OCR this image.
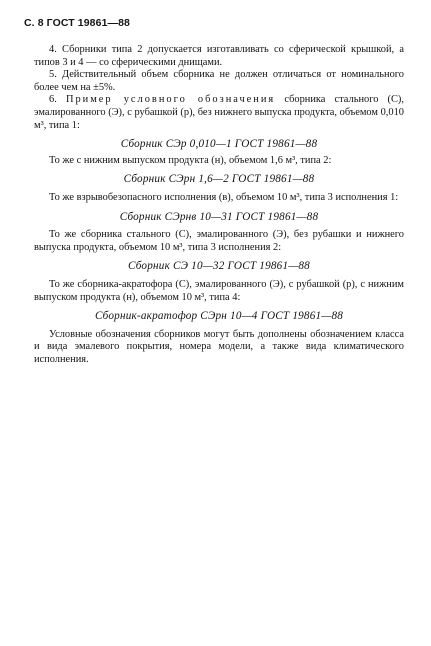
С. 8 ГОСТ 19861—88

4. Сборники типа 2 допускается изготавливать со сферической крышкой, а типов 3 и 4 — со сферическими днищами.

5. Действительный объем сборника не должен отличаться от номинального более чем на ±5%.

6. Пример условного обозначения сборника стального (С), эмалированного (Э), с рубашкой (р), без нижнего выпуска продукта, объемом 0,010 м³, типа 1:

Сборник СЭр 0,010—1 ГОСТ 19861—88

То же с нижним выпуском продукта (н), объемом 1,6 м³, типа 2:

Сборник СЭрн 1,6—2 ГОСТ 19861—88

То же взрывобезопасного исполнения (в), объемом 10 м³, типа 3 исполнения 1:

Сборник СЭрнв 10—31 ГОСТ 19861—88

То же сборника стального (С), эмалированного (Э), без рубашки и нижнего выпуска продукта, объемом 10 м³, типа 3 исполнения 2:

Сборник СЭ 10—32 ГОСТ 19861—88

То же сборника-акратофора (С), эмалированного (Э), с рубашкой (р), с нижним выпуском продукта (н), объемом 10 м³, типа 4:

Сборник-акратофор СЭрн 10—4 ГОСТ 19861—88

Условные обозначения сборников могут быть дополнены обозначением класса и вида эмалевого покрытия, номера модели, а также вида климатического исполнения.
